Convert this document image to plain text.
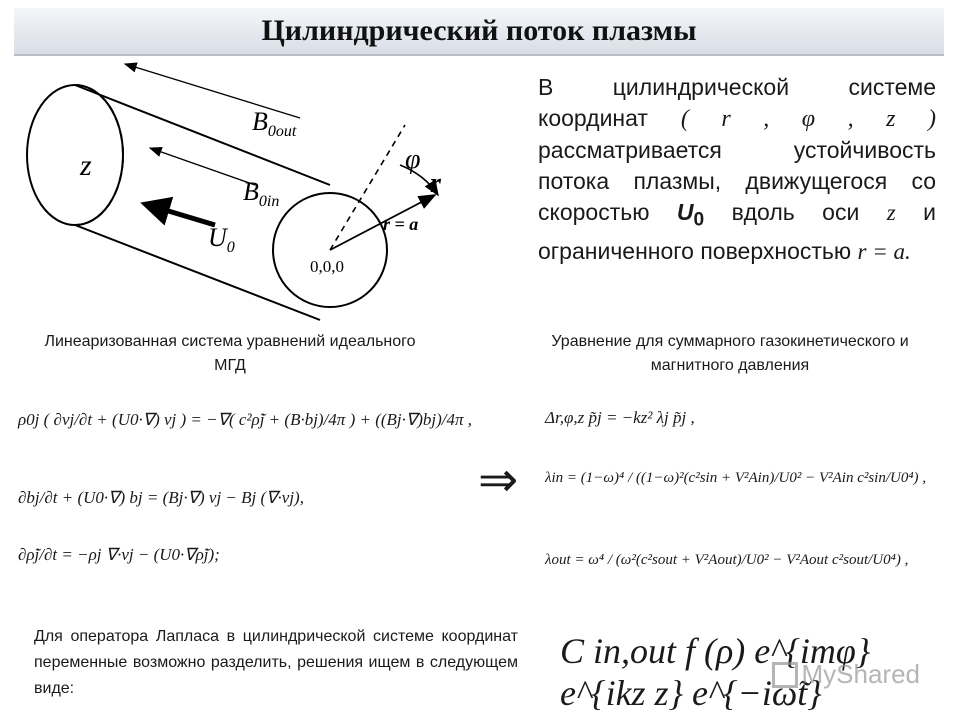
Цилиндрический поток плазмы
$B_{0out}$
$B_{0in}$
$U_0$
z	φ
r
r = a
0,0,0
В цилиндрической системе координат ( r , φ , z ) рассматривается устойчивость потока плазмы, движущегося со скоростью $U_0$ вдоль оси z и ограниченного поверхностью r = a.
Линеаризованная система уравнений идеального МГД
Уравнение для суммарного газокинетического и магнитного давления
ρ0j ( ∂vj/∂t + (U0·∇) vj ) = −∇( c²ρ̃j + (B·bj)/4π ) + ((Bj·∇)bj)/4π ,
∂bj/∂t + (U0·∇) bj = (Bj·∇) vj − Bj (∇·vj),
∂ρ̃j/∂t = −ρj ∇·vj − (U0·∇ρ̃j);
⇒
Δr,φ,z p̃j = −kz² λj p̃j ,
λin = (1−ω)⁴ / ((1−ω)²(c²sin + V²Ain)/U0² − V²Ain c²sin/U0⁴) ,
λout = ω⁴ / (ω²(c²sout + V²Aout)/U0² − V²Aout c²sout/U0⁴) ,
Для оператора Лапласа в цилиндрической системе координат переменные возможно разделить, решения ищем в следующем виде:
C in,out f (ρ) e^{imφ} e^{ikz z} e^{−iω̃t}
MyShared
